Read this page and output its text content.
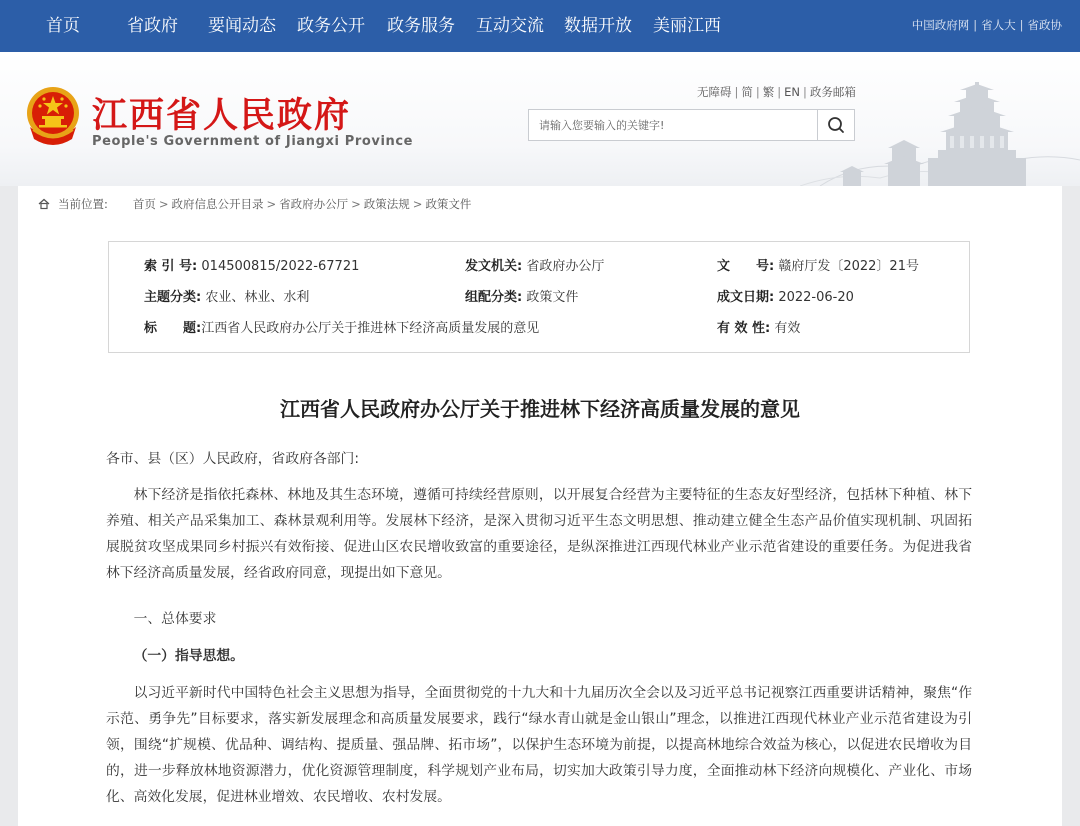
首页	省政府 要闻动态 政务公开 政务服务 互动交流 数据开放 美丽江西	中国政府网 | 省人大 | 省政协
江西省人民政府
People's Government of Jiangxi Province
无障碍 | 简 | 繁 | EN | 政务邮箱
请输入您要输入的关键字!
当前位置: 首页 > 政府信息公开目录 > 省政府办公厅 > 政策法规 > 政策文件
索 引 号: 014500815/2022-67721	发文机关: 省政府办公厅	文　　号: 赣府厅发〔2022〕21号
主题分类: 农业、林业、水利	组配分类: 政策文件	成文日期: 2022-06-20
标　　题:江西省人民政府办公厅关于推进林下经济高质量发展的意见	有 效 性: 有效
江西省人民政府办公厅关于推进林下经济高质量发展的意见

各市、县（区）人民政府，省政府各部门:

林下经济是指依托森林、林地及其生态环境，遵循可持续经营原则，以开展复合经营为主要特征的生态友好型经济，包括林下种植、林下养殖、相关产品采集加工、森林景观利用等。发展林下经济，是深入贯彻习近平生态文明思想、推动建立健全生态产品价值实现机制、巩固拓展脱贫攻坚成果同乡村振兴有效衔接、促进山区农民增收致富的重要途径，是纵深推进江西现代林业产业示范省建设的重要任务。为促进我省林下经济高质量发展，经省政府同意，现提出如下意见。

一、总体要求

（一）指导思想。

以习近平新时代中国特色社会主义思想为指导，全面贯彻党的十九大和十九届历次全会以及习近平总书记视察江西重要讲话精神，聚焦“作示范、勇争先”目标要求，落实新发展理念和高质量发展要求，践行“绿水青山就是金山银山”理念，以推进江西现代林业产业示范省建设为引领，围绕“扩规模、优品种、调结构、提质量、强品牌、拓市场”，以保护生态环境为前提，以提高林地综合效益为核心，以促进农民增收为目的，进一步释放林地资源潜力，优化资源管理制度，科学规划产业布局，切实加大政策引导力度，全面推动林下经济向规模化、产业化、市场化、高效化发展，促进林业增效、农民增收、农村发展。
